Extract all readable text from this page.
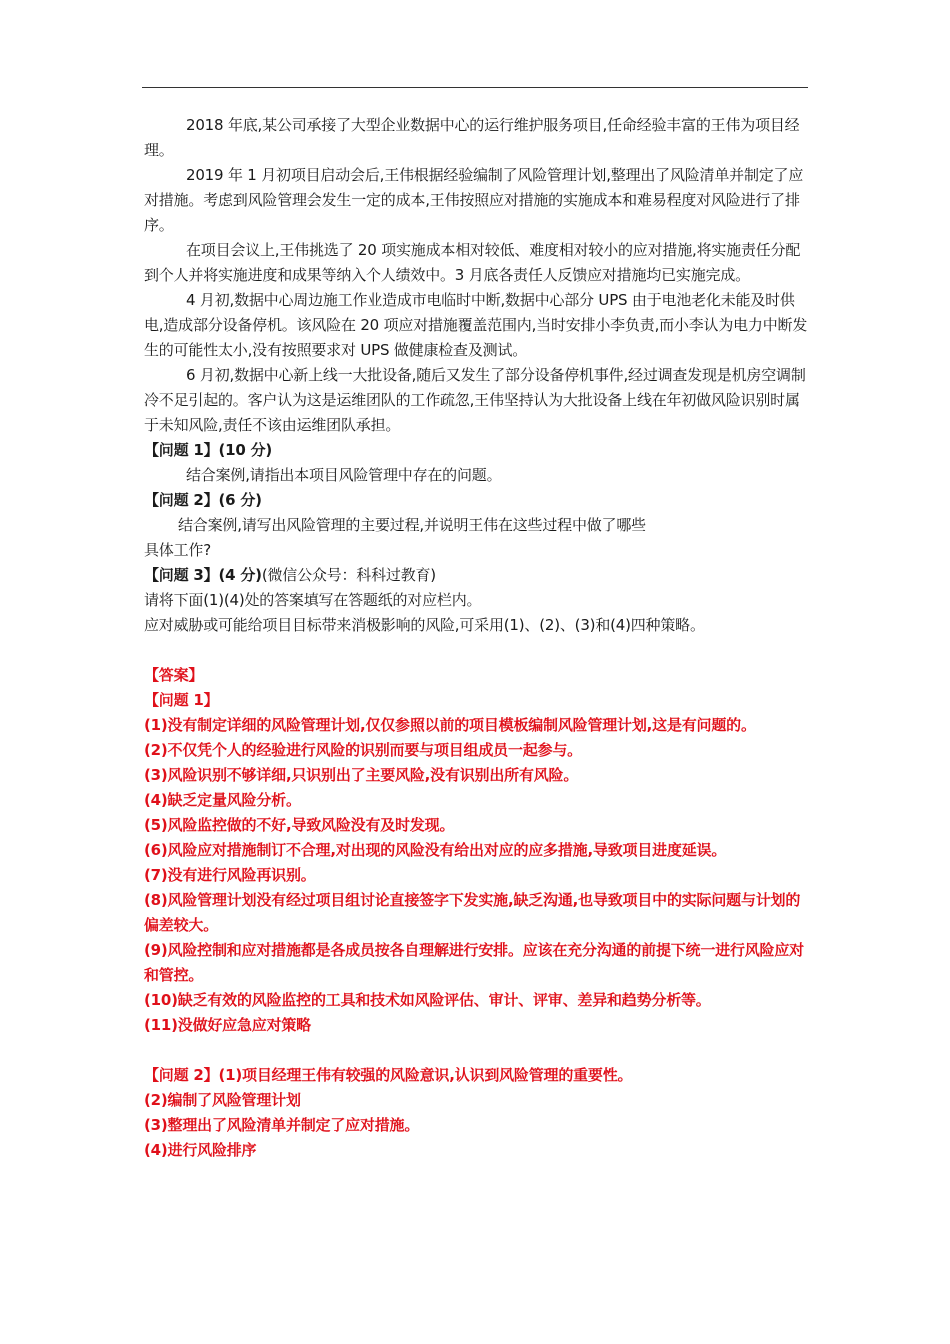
2018 年底,某公司承接了大型企业数据中心的运行维护服务项目,任命经验丰富的王伟为项目经理。

2019 年 1 月初项目启动会后,王伟根据经验编制了风险管理计划,整理出了风险清单并制定了应对措施。考虑到风险管理会发生一定的成本,王伟按照应对措施的实施成本和难易程度对风险进行了排序。

在项目会议上,王伟挑选了 20 项实施成本相对较低、难度相对较小的应对措施,将实施责任分配到个人并将实施进度和成果等纳入个人绩效中。3 月底各责任人反馈应对措施均已实施完成。

4 月初,数据中心周边施工作业造成市电临时中断,数据中心部分 UPS 由于电池老化未能及时供电,造成部分设备停机。该风险在 20 项应对措施覆盖范围内,当时安排小李负责,而小李认为电力中断发生的可能性太小,没有按照要求对 UPS 做健康检查及测试。

6 月初,数据中心新上线一大批设备,随后又发生了部分设备停机事件,经过调查发现是机房空调制冷不足引起的。客户认为这是运维团队的工作疏忽,王伟坚持认为大批设备上线在年初做风险识别时属于未知风险,责任不该由运维团队承担。

【问题 1】(10 分)

结合案例,请指出本项目风险管理中存在的问题。

【问题 2】(6 分)

结合案例,请写出风险管理的主要过程,并说明王伟在这些过程中做了哪些

具体工作?

【问题 3】(4 分)(微信公众号：科科过教育)

请将下面(1)(4)处的答案填写在答题纸的对应栏内。

应对威胁或可能给项目目标带来消极影响的风险,可采用(1)、(2)、(3)和(4)四种策略。

【答案】

【问题 1】

(1)没有制定详细的风险管理计划,仅仅参照以前的项目模板编制风险管理计划,这是有问题的。

(2)不仅凭个人的经验进行风险的识别而要与项目组成员一起参与。

(3)风险识别不够详细,只识别出了主要风险,没有识别出所有风险。

(4)缺乏定量风险分析。

(5)风险监控做的不好,导致风险没有及时发现。

(6)风险应对措施制订不合理,对出现的风险没有给出对应的应多措施,导致项目进度延误。

(7)没有进行风险再识别。

(8)风险管理计划没有经过项目组讨论直接签字下发实施,缺乏沟通,也导致项目中的实际问题与计划的偏差较大。

(9)风险控制和应对措施都是各成员按各自理解进行安排。应该在充分沟通的前提下统一进行风险应对和管控。

(10)缺乏有效的风险监控的工具和技术如风险评估、审计、评审、差异和趋势分析等。

(11)没做好应急应对策略

【问题 2】(1)项目经理王伟有较强的风险意识,认识到风险管理的重要性。

(2)编制了风险管理计划

(3)整理出了风险清单并制定了应对措施。

(4)进行风险排序
